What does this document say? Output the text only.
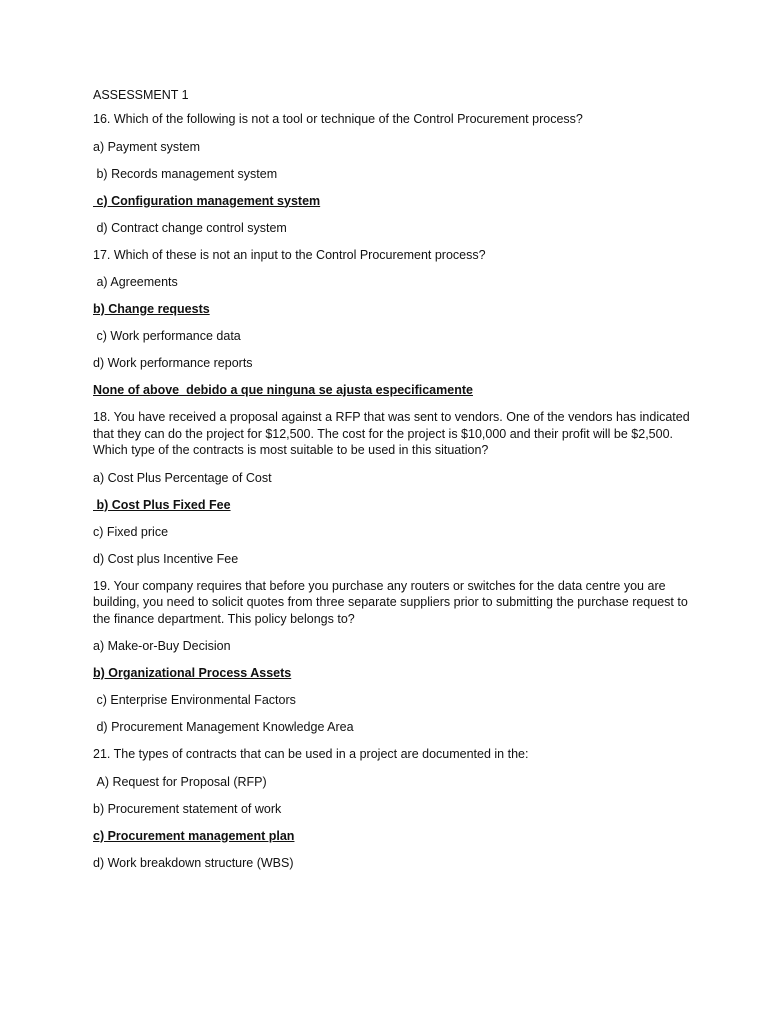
ASSESSMENT 1
16. Which of the following is not a tool or technique of the Control Procurement process?
a) Payment system
b) Records management system
c) Configuration management system
d) Contract change control system
17. Which of these is not an input to the Control Procurement process?
a) Agreements
b) Change requests
c) Work performance data
d) Work performance reports
None of above  debido a que ninguna se ajusta especificamente
18. You have received a proposal against a RFP that was sent to vendors. One of the vendors has indicated that they can do the project for $12,500. The cost for the project is $10,000 and their profit will be $2,500. Which type of the contracts is most suitable to be used in this situation?
a) Cost Plus Percentage of Cost
b) Cost Plus Fixed Fee
c) Fixed price
d) Cost plus Incentive Fee
19. Your company requires that before you purchase any routers or switches for the data centre you are building, you need to solicit quotes from three separate suppliers prior to submitting the purchase request to the finance department. This policy belongs to?
a) Make-or-Buy Decision
b) Organizational Process Assets
c) Enterprise Environmental Factors
d) Procurement Management Knowledge Area
21. The types of contracts that can be used in a project are documented in the:
A) Request for Proposal (RFP)
b) Procurement statement of work
c) Procurement management plan
d) Work breakdown structure (WBS)
